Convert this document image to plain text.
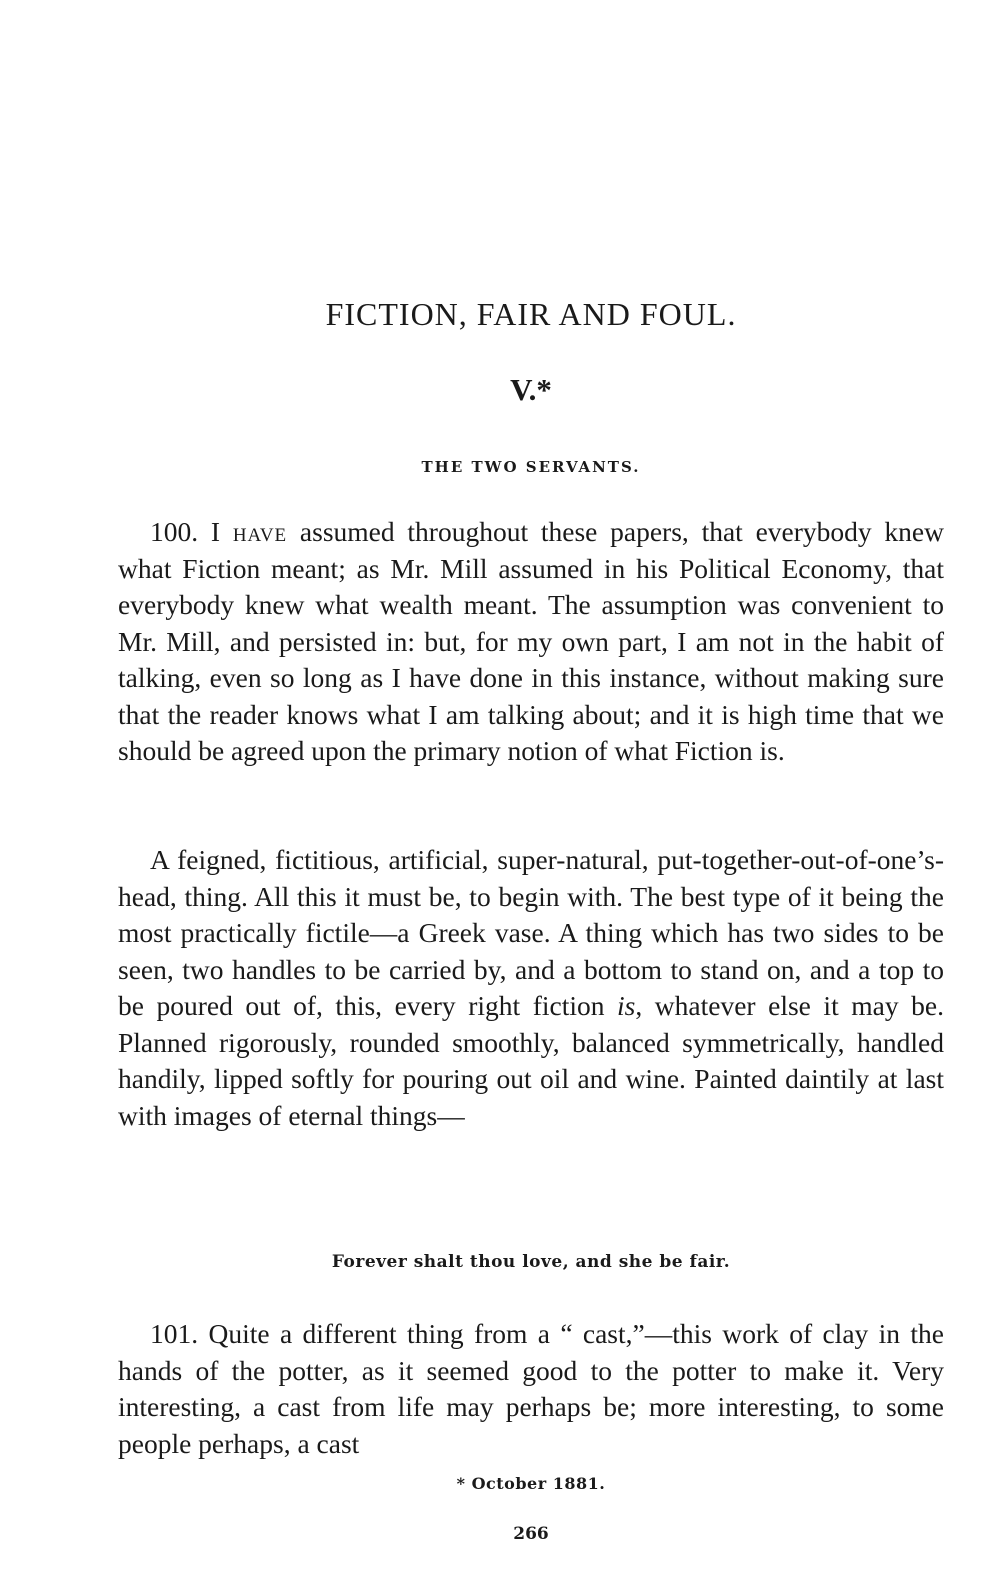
FICTION, FAIR AND FOUL.
V.*
THE TWO SERVANTS.

100. I have assumed throughout these papers, that everybody knew what Fiction meant; as Mr. Mill assumed in his Political Economy, that everybody knew what wealth meant. The assumption was convenient to Mr. Mill, and persisted in: but, for my own part, I am not in the habit of talking, even so long as I have done in this instance, without making sure that the reader knows what I am talking about; and it is high time that we should be agreed upon the primary notion of what Fiction is.

A feigned, fictitious, artificial, super-natural, put-together-out-of-one’s-head, thing. All this it must be, to begin with. The best type of it being the most practically fictile—a Greek vase. A thing which has two sides to be seen, two handles to be carried by, and a bottom to stand on, and a top to be poured out of, this, every right fiction is, whatever else it may be. Planned rigorously, rounded smoothly, balanced symmetrically, handled handily, lipped softly for pouring out oil and wine. Painted daintily at last with images of eternal things—

Forever shalt thou love, and she be fair.

101. Quite a different thing from a “ cast,”—this work of clay in the hands of the potter, as it seemed good to the potter to make it. Very interesting, a cast from life may perhaps be; more interesting, to some people perhaps, a cast

* October 1881.

266
